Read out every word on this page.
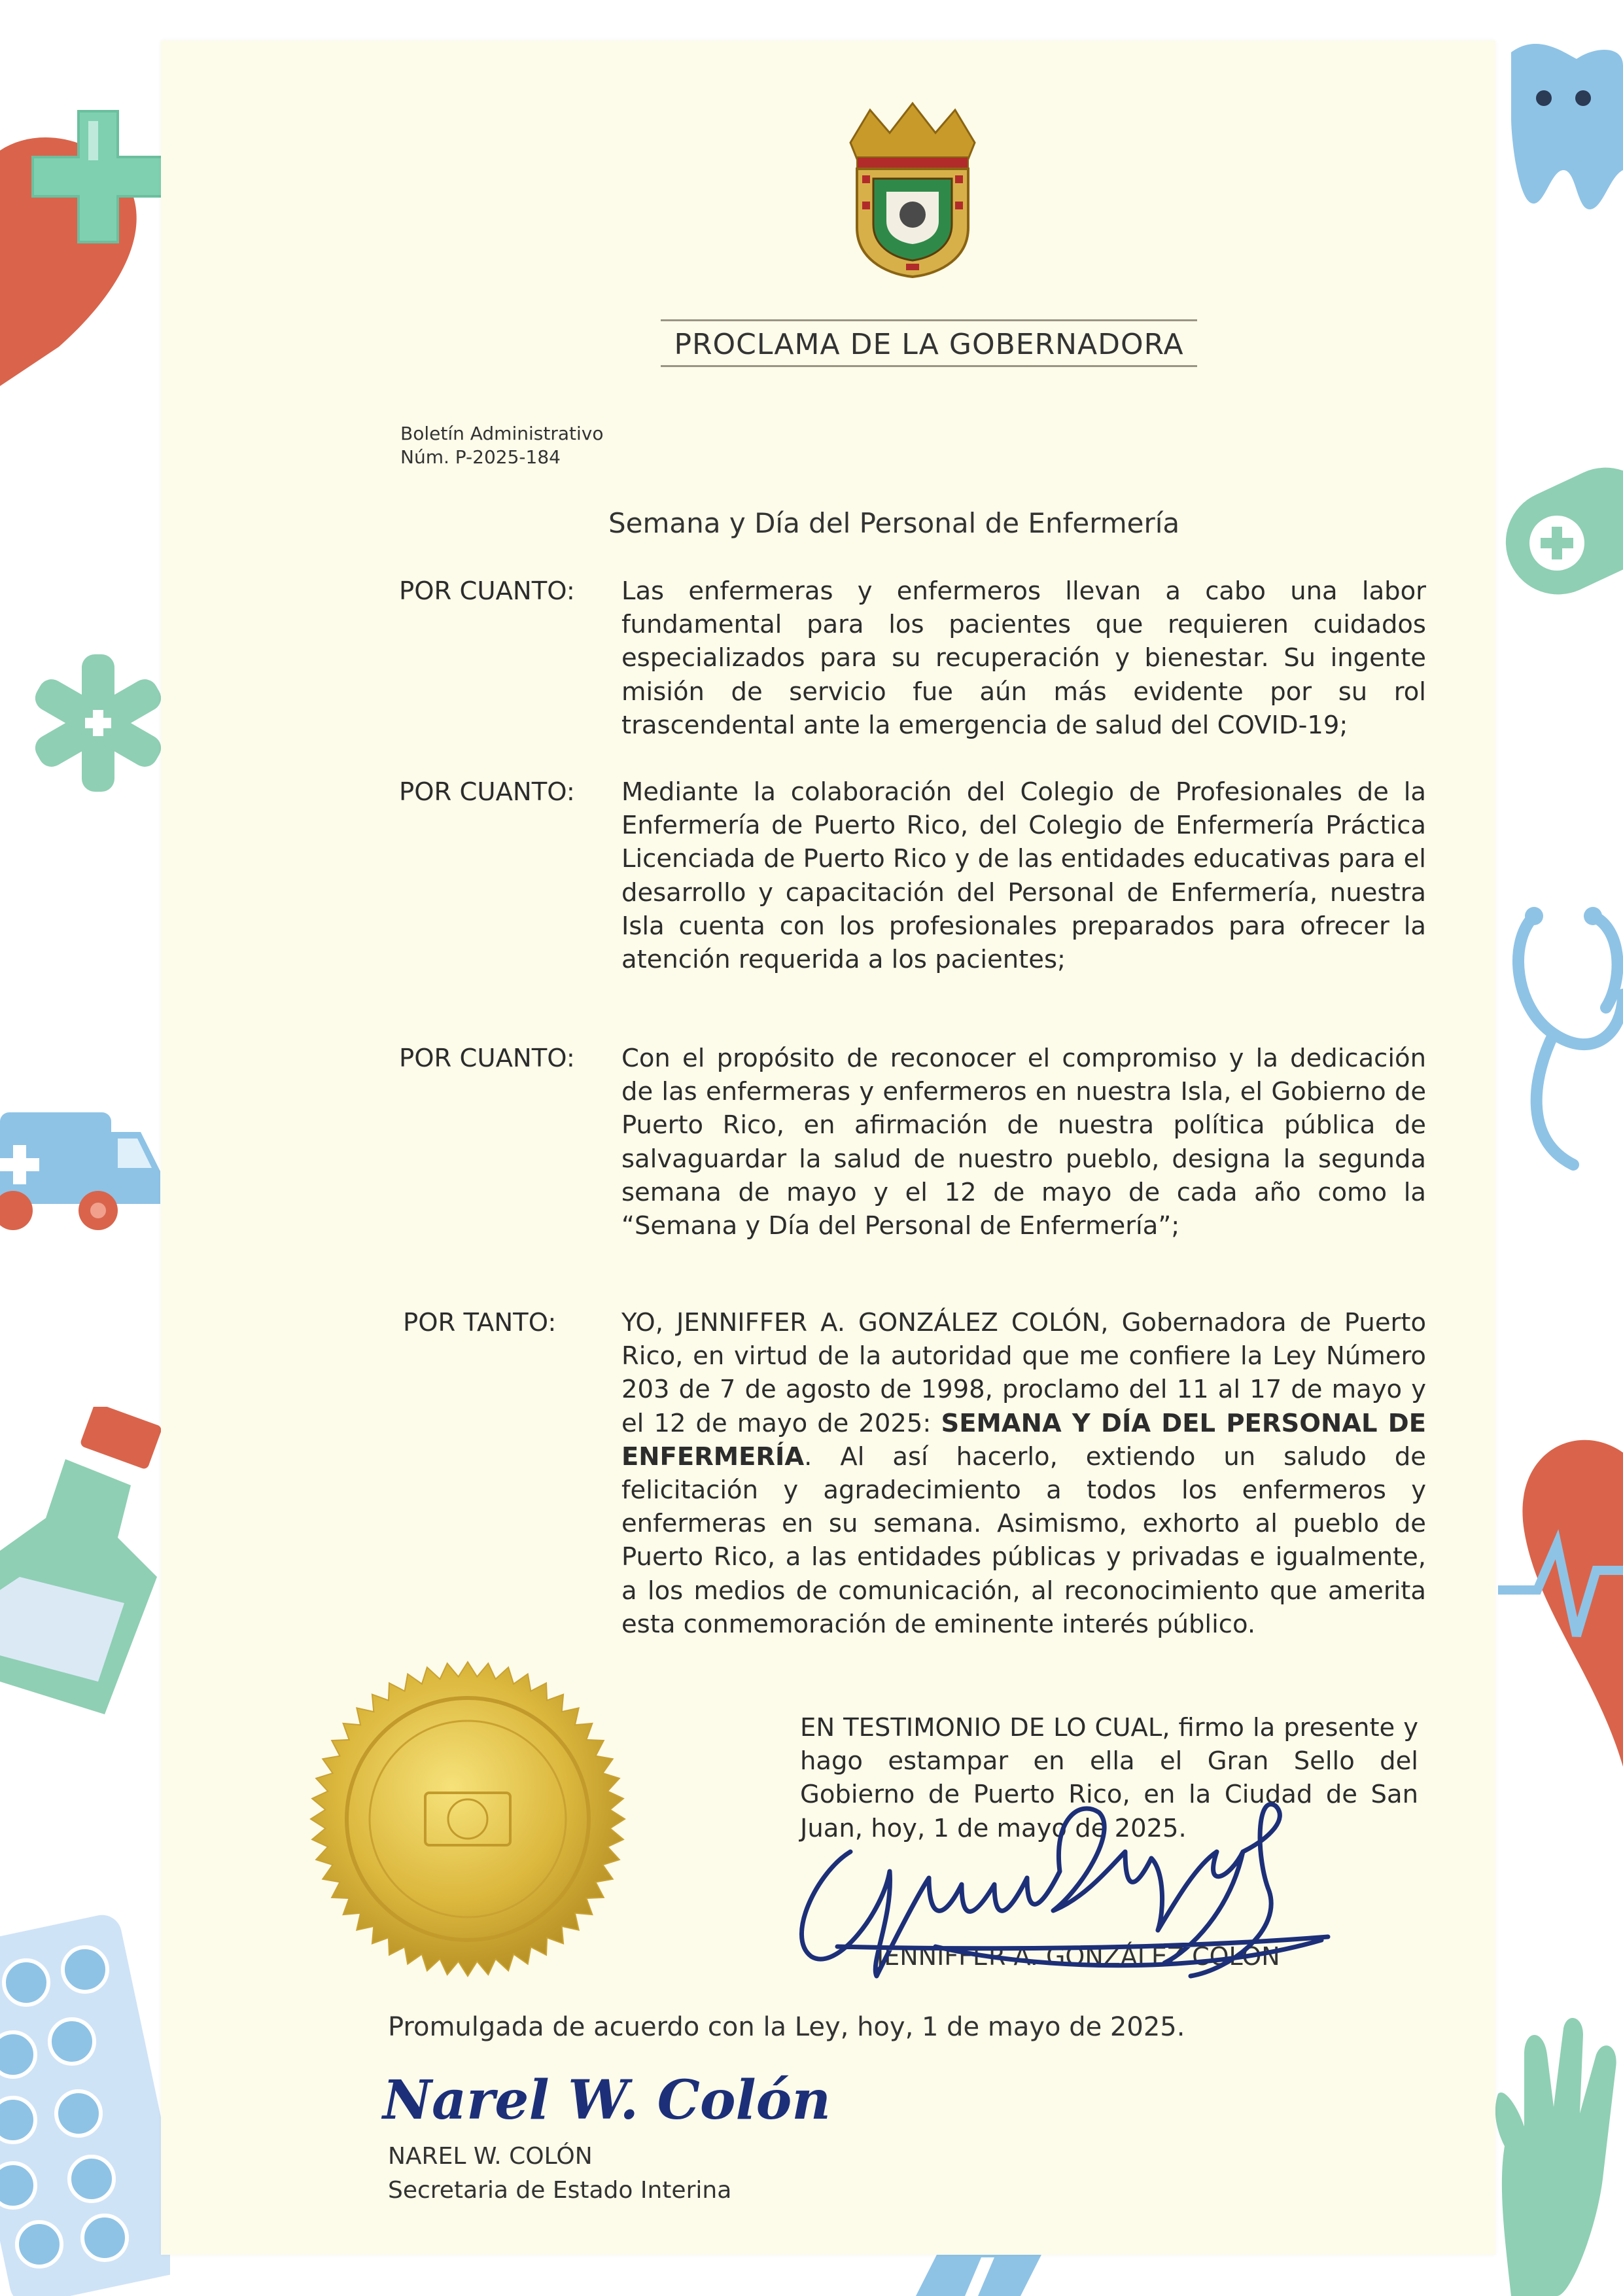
PROCLAMA DE LA GOBERNADORA
Boletín Administrativo
Núm. P-2025-184
Semana y Día del Personal de Enfermería
POR CUANTO:	Las enfermeras y enfermeros llevan a cabo una labor fundamental para los pacientes que requieren cuidados especializados para su recuperación y bienestar. Su ingente misión de servicio fue aún más evidente por su rol trascendental ante la emergencia de salud del COVID-19;
POR CUANTO:	Mediante la colaboración del Colegio de Profesionales de la Enfermería de Puerto Rico, del Colegio de Enfermería Práctica Licenciada de Puerto Rico y de las entidades educativas para el desarrollo y capacitación del Personal de Enfermería, nuestra Isla cuenta con los profesionales preparados para ofrecer la atención requerida a los pacientes;
POR CUANTO:	Con el propósito de reconocer el compromiso y la dedicación de las enfermeras y enfermeros en nuestra Isla, el Gobierno de Puerto Rico, en afirmación de nuestra política pública de salvaguardar la salud de nuestro pueblo, designa la segunda semana de mayo y el 12 de mayo de cada año como la “Semana y Día del Personal de Enfermería”;
POR TANTO:	YO, JENNIFFER A. GONZÁLEZ COLÓN, Gobernadora de Puerto Rico, en virtud de la autoridad que me confiere la Ley Número 203 de 7 de agosto de 1998, proclamo del 11 al 17 de mayo y el 12 de mayo de 2025: SEMANA Y DÍA DEL PERSONAL DE ENFERMERÍA. Al así hacerlo, extiendo un saludo de felicitación y agradecimiento a todos los enfermeros y enfermeras en su semana. Asimismo, exhorto al pueblo de Puerto Rico, a las entidades públicas y privadas e igualmente, a los medios de comunicación, al reconocimiento que amerita esta conmemoración de eminente interés público.
EN TESTIMONIO DE LO CUAL, firmo la presente y hago estampar en ella el Gran Sello del Gobierno de Puerto Rico, en la Ciudad de San Juan, hoy, 1 de mayo de 2025.
JENNIFFER A. GONZÁLEZ COLÓN
Promulgada de acuerdo con la Ley, hoy, 1 de mayo de 2025.
Narel W. Colón
NAREL W. COLÓN
Secretaria de Estado Interina
